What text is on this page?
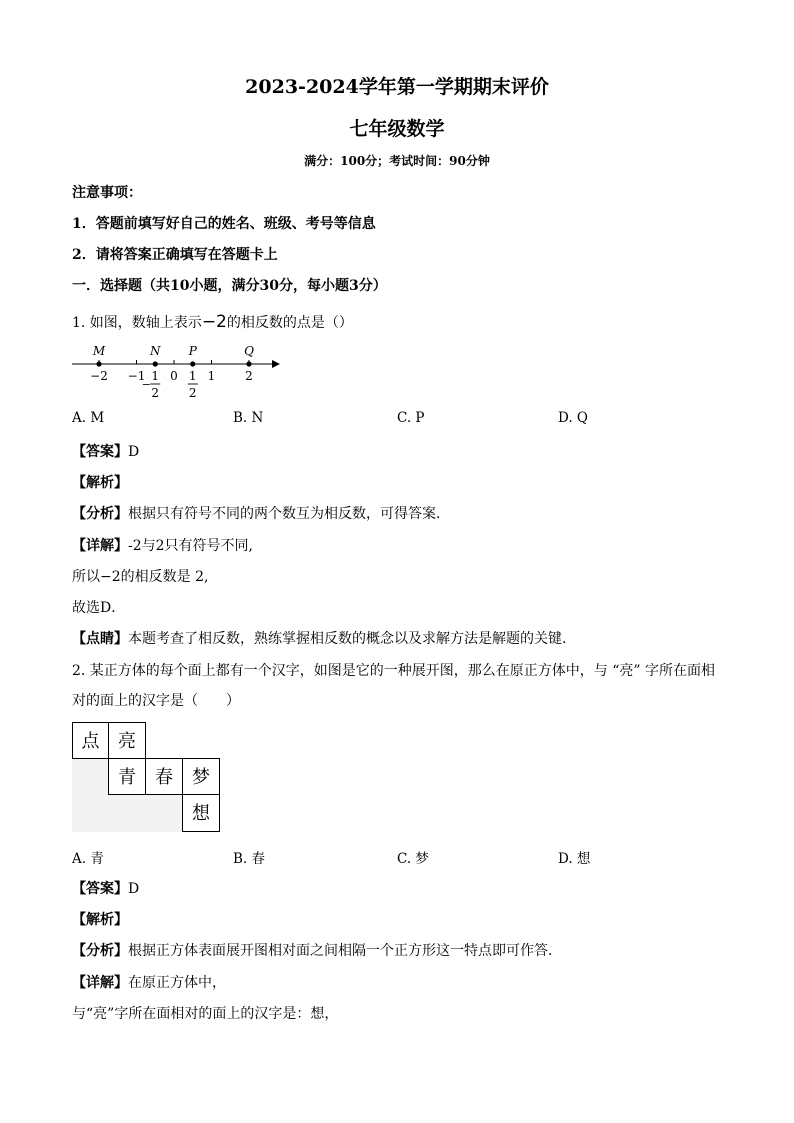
2023-2024学年第一学期期末评价
七年级数学
满分：100分；考试时间：90分钟
注意事项：
1．答题前填写好自己的姓名、班级、考号等信息
2．请将答案正确填写在答题卡上
一．选择题（共10小题，满分30分，每小题3分）
1. 如图，数轴上表示−2的相反数的点是（）
−2 −1 0 1 2
M	N P	Q
−
1
2
1
2
A. M	B. N	C. P	D. Q
【答案】D
【解析】
【分析】根据只有符号不同的两个数互为相反数，可得答案．
【详解】-2与2只有符号不同,
所以−2的相反数是 2,
故选D．
【点睛】本题考查了相反数，熟练掌握相反数的概念以及求解方法是解题的关键.
2. 某正方体的每个面上都有一个汉字，如图是它的一种展开图，那么在原正方体中，与 “亮” 字所在面相
对的面上的汉字是（　　）
点 亮
青 春 梦
想
A. 青	B. 春	C. 梦	D. 想
【答案】D
【解析】
【分析】根据正方体表面展开图相对面之间相隔一个正方形这一特点即可作答．
【详解】在原正方体中，
与“亮”字所在面相对的面上的汉字是：想，
